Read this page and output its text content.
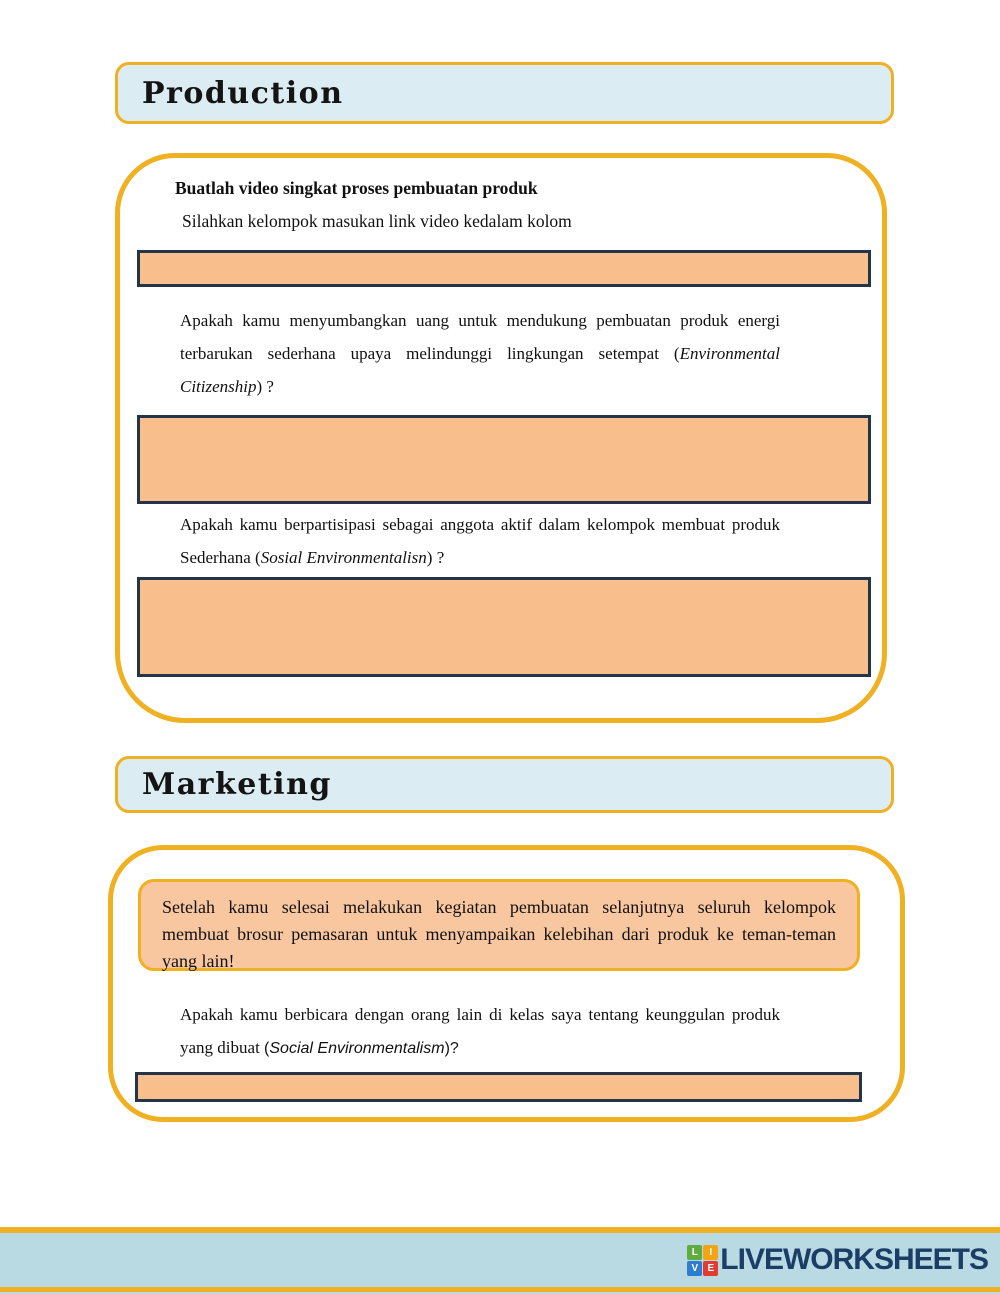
Production
Buatlah video singkat proses pembuatan produk
Silahkan kelompok masukan link video kedalam kolom
Apakah kamu menyumbangkan uang untuk mendukung pembuatan produk energi terbarukan sederhana upaya melindunggi lingkungan setempat (Environmental Citizenship) ?
Apakah kamu berpartisipasi sebagai anggota aktif dalam kelompok membuat produk Sederhana (Sosial Environmentalisn) ?
Marketing
Setelah kamu selesai melakukan kegiatan pembuatan selanjutnya seluruh kelompok membuat brosur pemasaran untuk menyampaikan kelebihan dari produk ke teman-teman yang lain!
Apakah kamu berbicara dengan orang lain di kelas saya tentang keunggulan produk yang dibuat (Social Environmentalism)?
L	I
V E LIVEWORKSHEETS
